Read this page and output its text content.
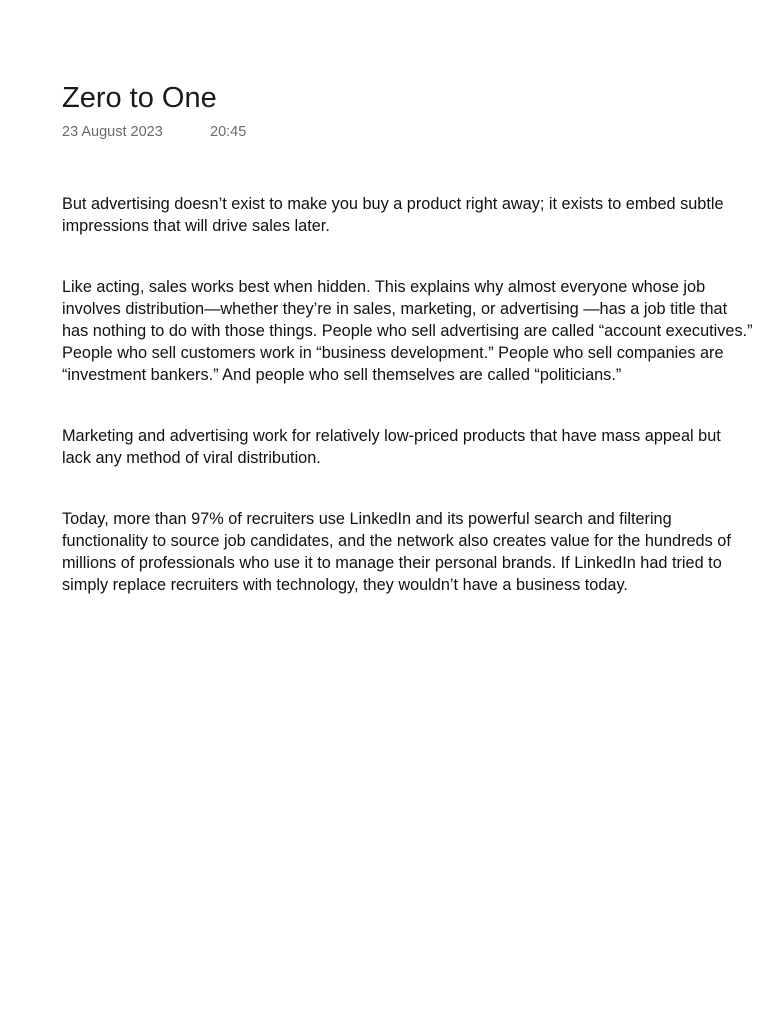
Zero to One
23 August 2023	20:45

But advertising doesn’t exist to make you buy a product right away; it exists to embed subtle
impressions that will drive sales later.

Like acting, sales works best when hidden. This explains why almost everyone whose job
involves distribution—whether they’re in sales, marketing, or advertising —has a job title that
has nothing to do with those things. People who sell advertising are called “account executives.”
People who sell customers work in “business development.” People who sell companies are
“investment bankers.” And people who sell themselves are called “politicians.”

Marketing and advertising work for relatively low-priced products that have mass appeal but
lack any method of viral distribution.

Today, more than 97% of recruiters use LinkedIn and its powerful search and filtering
functionality to source job candidates, and the network also creates value for the hundreds of
millions of professionals who use it to manage their personal brands. If LinkedIn had tried to
simply replace recruiters with technology, they wouldn’t have a business today.
